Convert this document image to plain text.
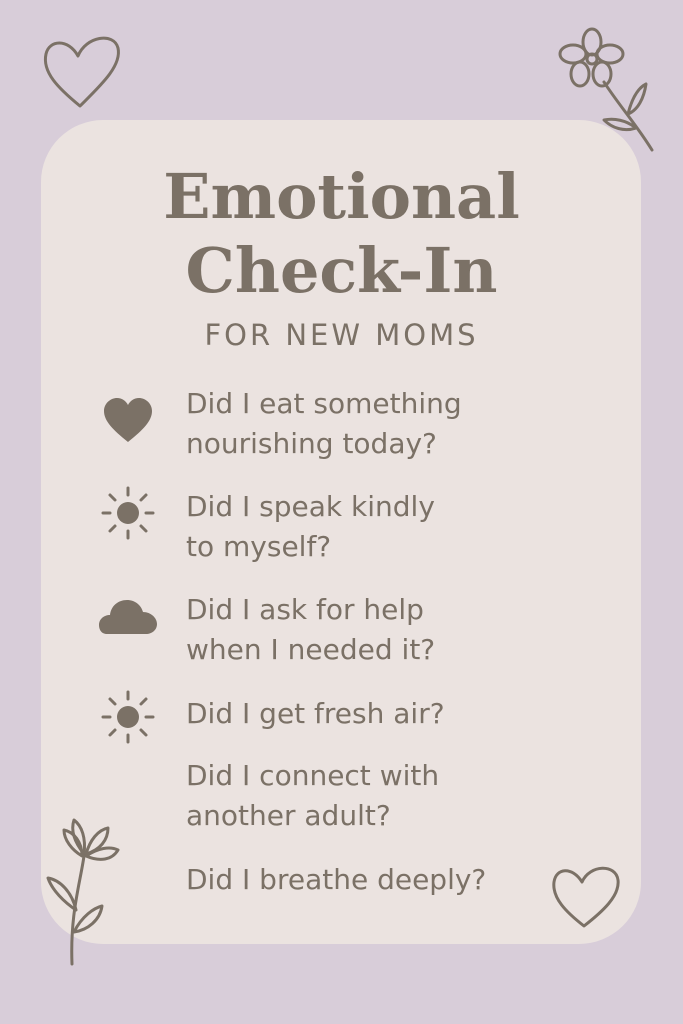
Emotional
Check-In
FOR NEW MOMS
Did I eat something
nourishing today?
Did I speak kindly
to myself?
Did I ask for help
when I needed it?
Did I get fresh air?
Did I connect with
another adult?
Did I breathe deeply?
